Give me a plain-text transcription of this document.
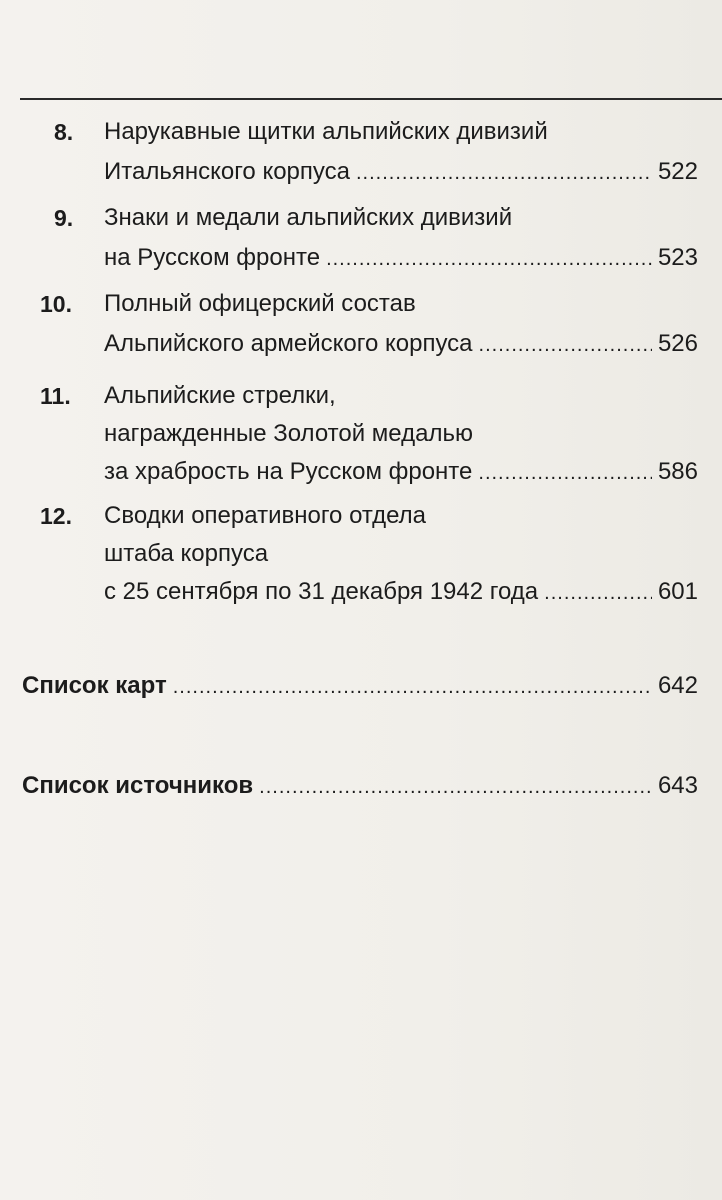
8. Нарукавные щитки альпийских дивизий
Итальянского корпуса .....	522
9. Знаки и медали альпийских дивизий
на Русском фронте .....	523
10. Полный офицерский состав
Альпийского армейского корпуса .....	526
11. Альпийские стрелки,
награжденные Золотой медалью
за храбрость на Русском фронте .....	586
12. Сводки оперативного отдела
штаба корпуса
с 25 сентября по 31 декабря 1942 года .....	601
Список карт .....	642
Список источников .....	643
